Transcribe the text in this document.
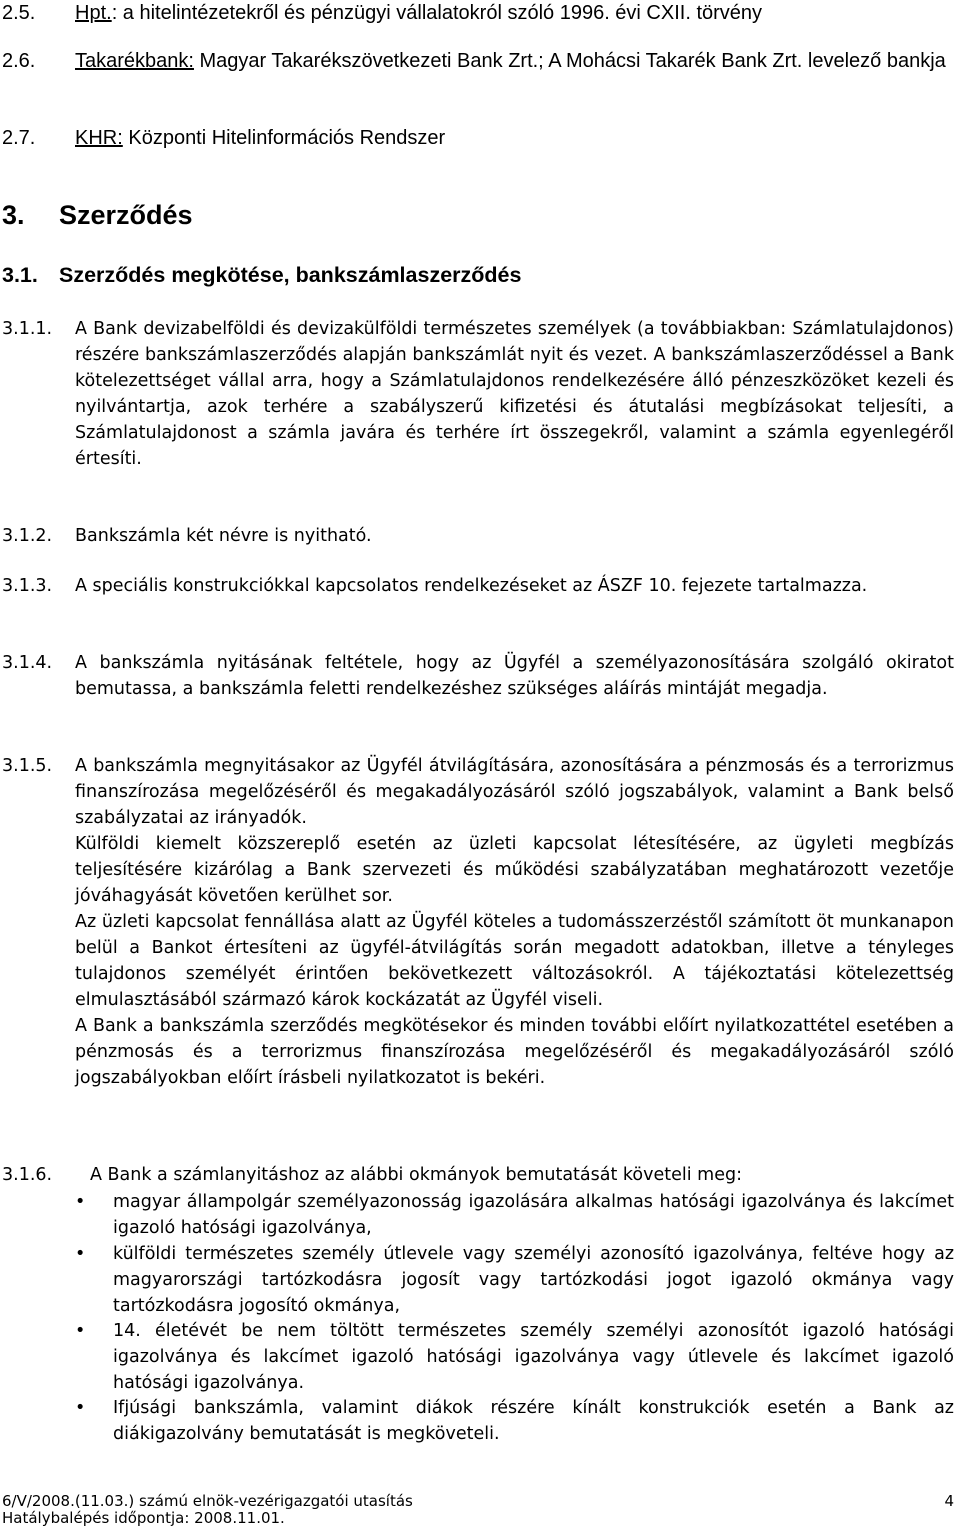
2.5. Hpt.: a hitelintézetekről és pénzügyi vállalatokról szóló 1996. évi CXII. törvény
2.6. Takarékbank: Magyar Takarékszövetkezeti Bank Zrt.; A Mohácsi Takarék Bank Zrt. levelező bankja
2.7. KHR: Központi Hitelinformációs Rendszer
3. Szerződés
3.1. Szerződés megkötése, bankszámlaszerződés
3.1.1. A Bank devizabelföldi és devizakülföldi természetes személyek (a továbbiakban: Számlatulajdonos) részére bankszámlaszerződés alapján bankszámlát nyit és vezet. A bankszámlaszerződéssel a Bank kötelezettséget vállal arra, hogy a Számlatulajdonos rendelkezésére álló pénzeszközöket kezeli és nyilvántartja, azok terhére a szabályszerű kifizetési és átutalási megbízásokat teljesíti, a Számlatulajdonost a számla javára és terhére írt összegekről, valamint a számla egyenlegéről értesíti.
3.1.2. Bankszámla két névre is nyitható.
3.1.3. A speciális konstrukciókkal kapcsolatos rendelkezéseket az ÁSZF 10. fejezete tartalmazza.
3.1.4. A bankszámla nyitásának feltétele, hogy az Ügyfél a személyazonosítására szolgáló okiratot bemutassa, a bankszámla feletti rendelkezéshez szükséges aláírás mintáját megadja.
3.1.5. A bankszámla megnyitásakor az Ügyfél átvilágítására, azonosítására a pénzmosás és a terrorizmus finanszírozása megelőzéséről és megakadályozásáról szóló jogszabályok, valamint a Bank belső szabályzatai az irányadók.
Külföldi kiemelt közszereplő esetén az üzleti kapcsolat létesítésére, az ügyleti megbízás teljesítésére kizárólag a Bank szervezeti és működési szabályzatában meghatározott vezetője jóváhagyását követően kerülhet sor.
Az üzleti kapcsolat fennállása alatt az Ügyfél köteles a tudomásszerzéstől számított öt munkanapon belül a Bankot értesíteni az ügyfél-átvilágítás során megadott adatokban, illetve a tényleges tulajdonos személyét érintően bekövetkezett változásokról. A tájékoztatási kötelezettség elmulasztásából származó károk kockázatát az Ügyfél viseli.
A Bank a bankszámla szerződés megkötésekor és minden további előírt nyilatkozattétel esetében a pénzmosás és a terrorizmus finanszírozása megelőzéséről és megakadályozásáról szóló jogszabályokban előírt írásbeli nyilatkozatot is bekéri.
3.1.6. A Bank a számlanyitáshoz az alábbi okmányok bemutatását követeli meg:
• magyar állampolgár személyazonosság igazolására alkalmas hatósági igazolványa és lakcímet igazoló hatósági igazolványa,
• külföldi természetes személy útlevele vagy személyi azonosító igazolványa, feltéve hogy az magyarországi tartózkodásra jogosít vagy tartózkodási jogot igazoló okmánya vagy tartózkodásra jogosító okmánya,
• 14. életévét be nem töltött természetes személy személyi azonosítót igazoló hatósági igazolványa és lakcímet igazoló hatósági igazolványa vagy útlevele és lakcímet igazoló hatósági igazolványa.
• Ifjúsági bankszámla, valamint diákok részére kínált konstrukciók esetén a Bank az diákigazolvány bemutatását is megköveteli.
6/V/2008.(11.03.) számú elnök-vezérigazgatói utasítás	4
Hatálybalépés időpontja: 2008.11.01.
